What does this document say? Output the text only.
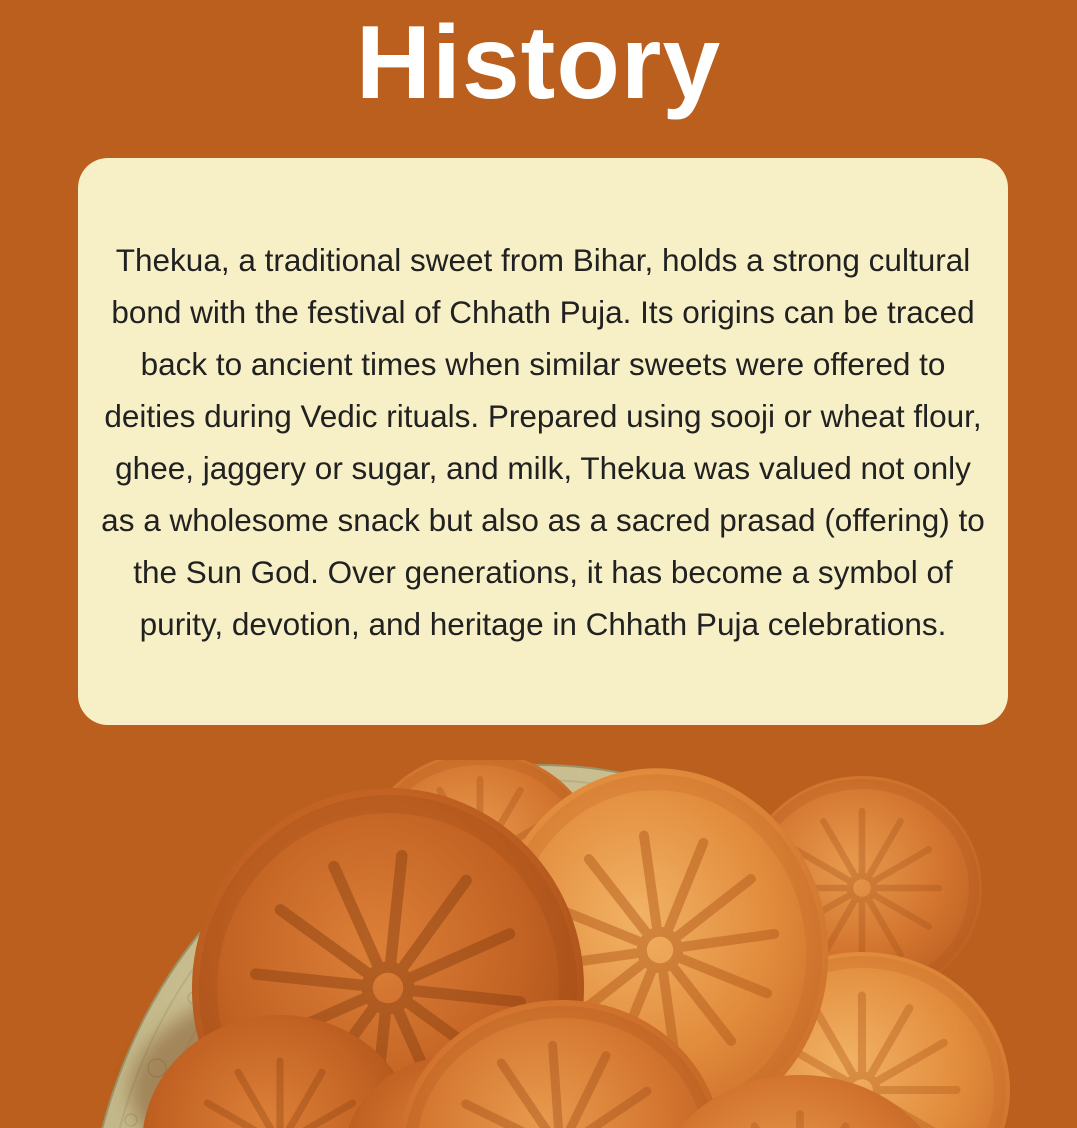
History

Thekua, a traditional sweet from Bihar, holds a strong cultural bond with the festival of Chhath Puja. Its origins can be traced back to ancient times when similar sweets were offered to deities during Vedic rituals. Prepared using sooji or wheat flour, ghee, jaggery or sugar, and milk, Thekua was valued not only as a wholesome snack but also as a sacred prasad (offering) to the Sun God. Over generations, it has become a symbol of purity, devotion, and heritage in Chhath Puja celebrations.
